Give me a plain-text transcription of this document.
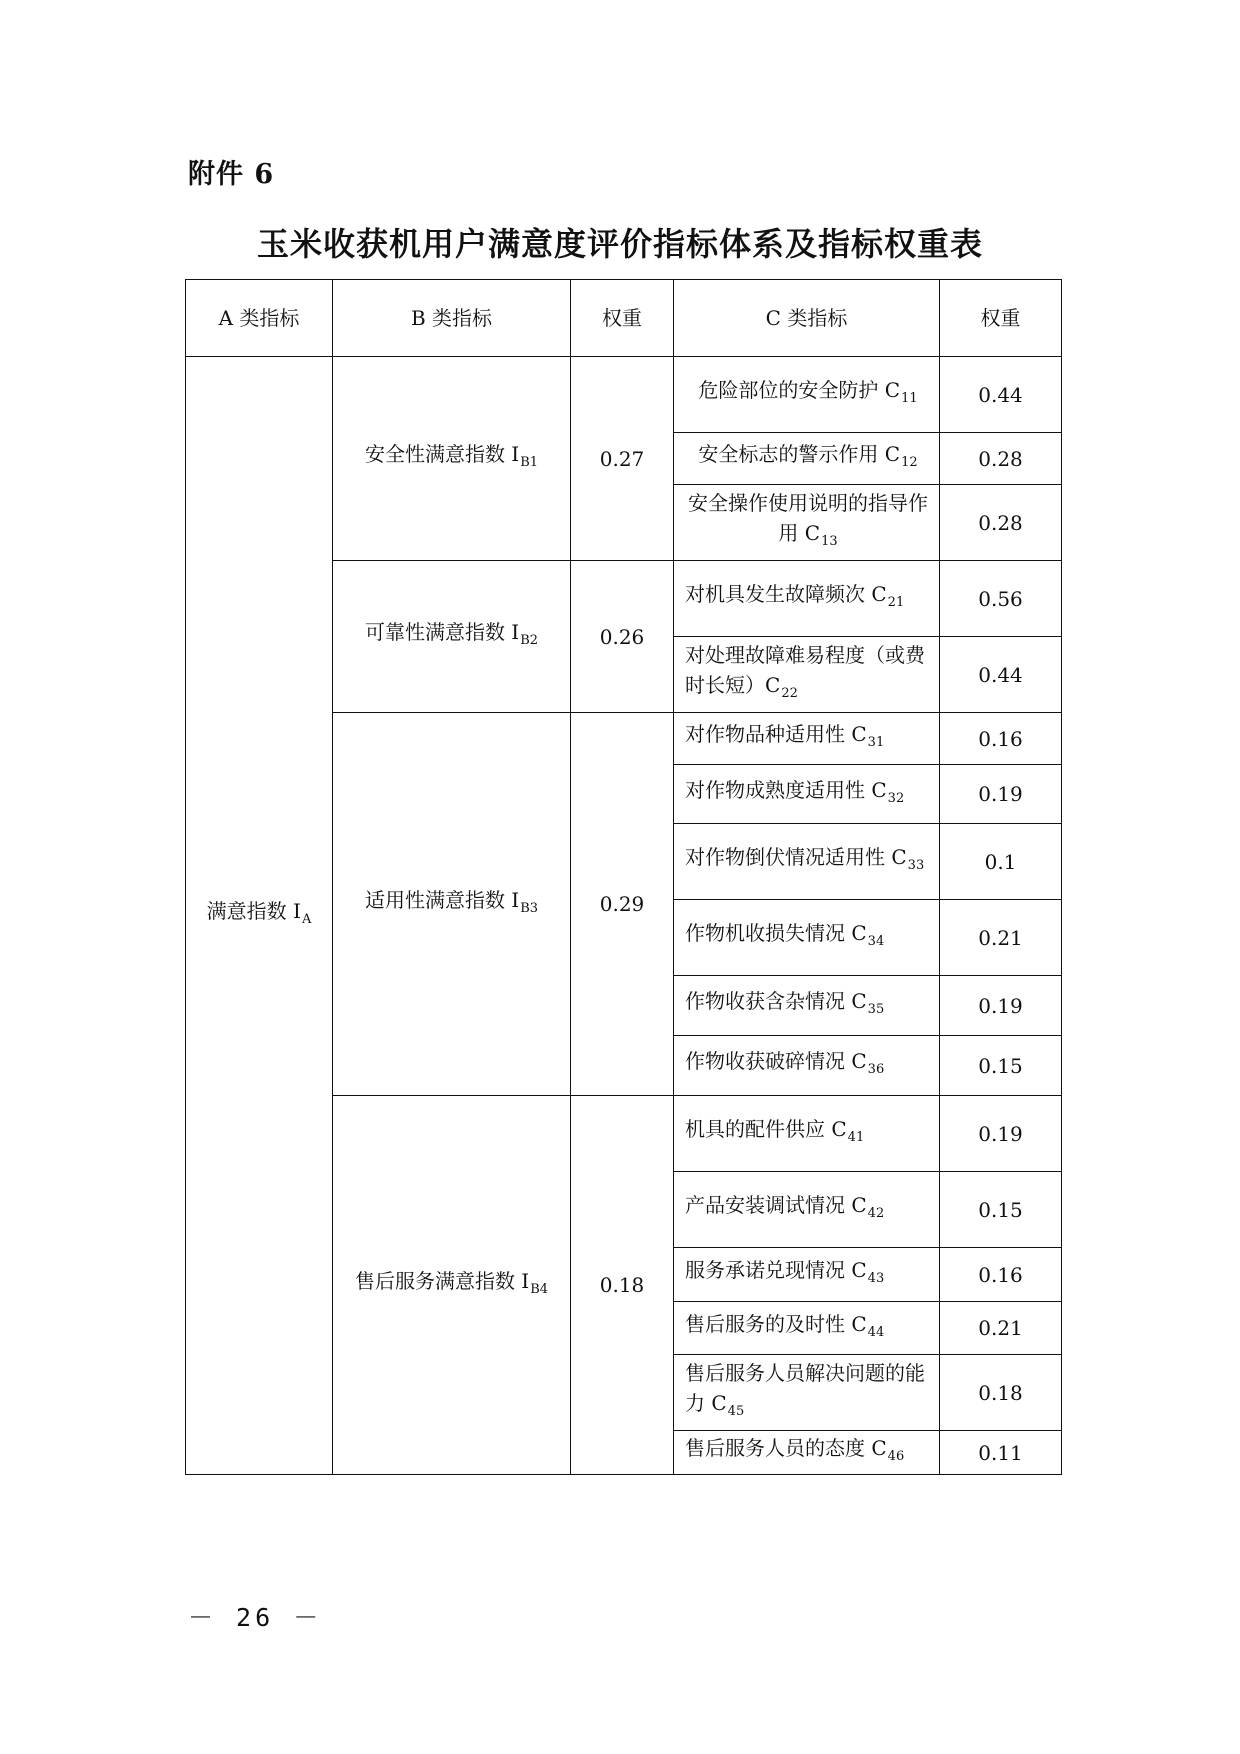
附件 6

玉米收获机用户满意度评价指标体系及指标权重表
A 类指标	B 类指标	权重	C 类指标	权重
满意指数 $I_A$	安全性满意指数 $I_{B1}$	0.27	危险部位的安全防护 $C_{11}$	0.44
			安全标志的警示作用 $C_{12}$	0.28
			安全操作使用说明的指导作用 $C_{13}$	0.28
	可靠性满意指数 $I_{B2}$	0.26	对机具发生故障频次 $C_{21}$	0.56
			对处理故障难易程度（或费时长短）$C_{22}$	0.44
	适用性满意指数 $I_{B3}$	0.29	对作物品种适用性 $C_{31}$	0.16
			对作物成熟度适用性 $C_{32}$	0.19
			对作物倒伏情况适用性 $C_{33}$	0.1
			作物机收损失情况 $C_{34}$	0.21
			作物收获含杂情况 $C_{35}$	0.19
			作物收获破碎情况 $C_{36}$	0.15
	售后服务满意指数 $I_{B4}$	0.18	机具的配件供应 $C_{41}$	0.19
			产品安装调试情况 $C_{42}$	0.15
			服务承诺兑现情况 $C_{43}$	0.16
			售后服务的及时性 $C_{44}$	0.21
			售后服务人员解决问题的能力 $C_{45}$	0.18
			售后服务人员的态度 $C_{46}$	0.11

－ 26 －
